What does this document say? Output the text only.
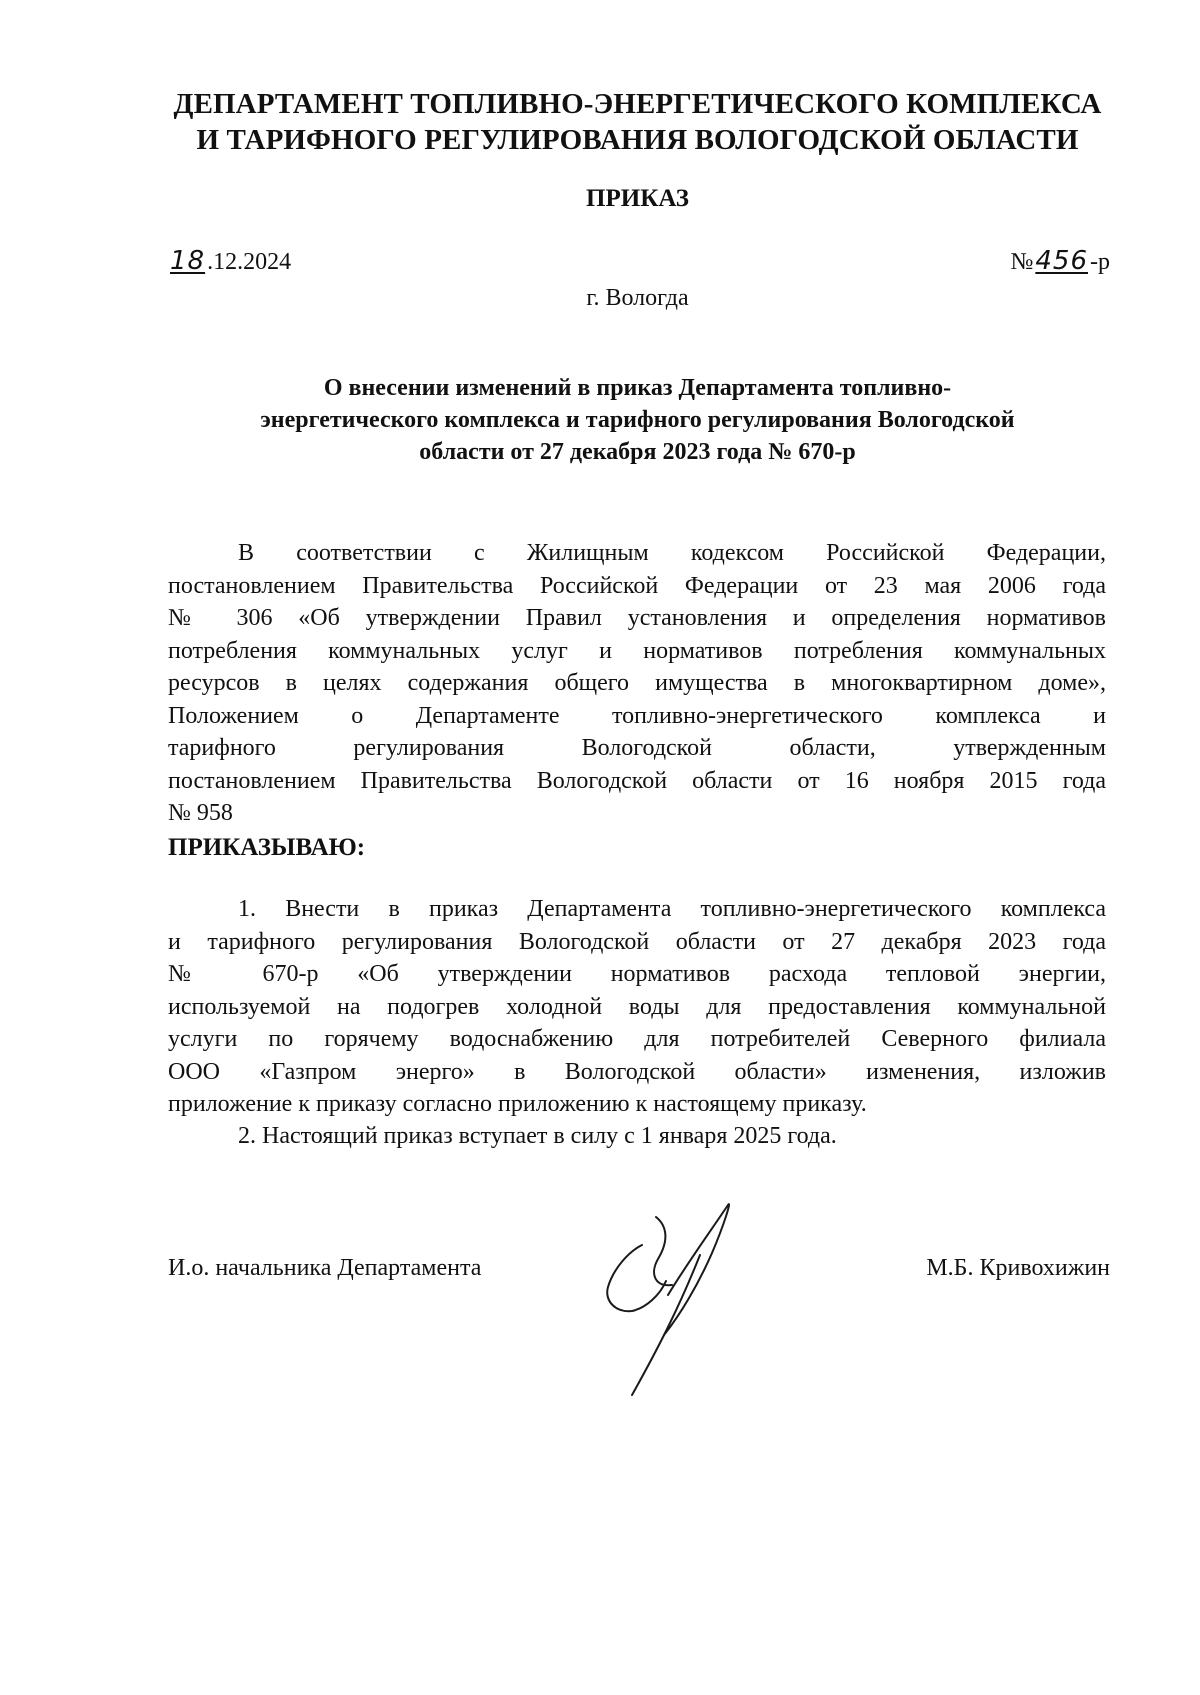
ДЕПАРТАМЕНТ ТОПЛИВНО-ЭНЕРГЕТИЧЕСКОГО КОМПЛЕКСА
И ТАРИФНОГО РЕГУЛИРОВАНИЯ ВОЛОГОДСКОЙ ОБЛАСТИ
ПРИКАЗ
18.12.2024	№456-р
г. Вологда
О внесении изменений в приказ Департамента топливно-
энергетического комплекса и тарифного регулирования Вологодской
области от 27 декабря 2023 года № 670-р
В соответствии с Жилищным кодексом Российской Федерации,
постановлением Правительства Российской Федерации от 23 мая 2006 года
№ 306 «Об утверждении Правил установления и определения нормативов
потребления коммунальных услуг и нормативов потребления коммунальных
ресурсов в целях содержания общего имущества в многоквартирном доме»,
Положением о Департаменте топливно-энергетического комплекса и
тарифного регулирования Вологодской области, утвержденным
постановлением Правительства Вологодской области от 16 ноября 2015 года
№ 958
ПРИКАЗЫВАЮ:
1. Внести в приказ Департамента топливно-энергетического комплекса
и тарифного регулирования Вологодской области от 27 декабря 2023 года
№ 670-р «Об утверждении нормативов расхода тепловой энергии,
используемой на подогрев холодной воды для предоставления коммунальной
услуги по горячему водоснабжению для потребителей Северного филиала
ООО «Газпром энерго» в Вологодской области» изменения, изложив
приложение к приказу согласно приложению к настоящему приказу.
2. Настоящий приказ вступает в силу с 1 января 2025 года.
И.о. начальника Департамента	М.Б. Кривохижин
